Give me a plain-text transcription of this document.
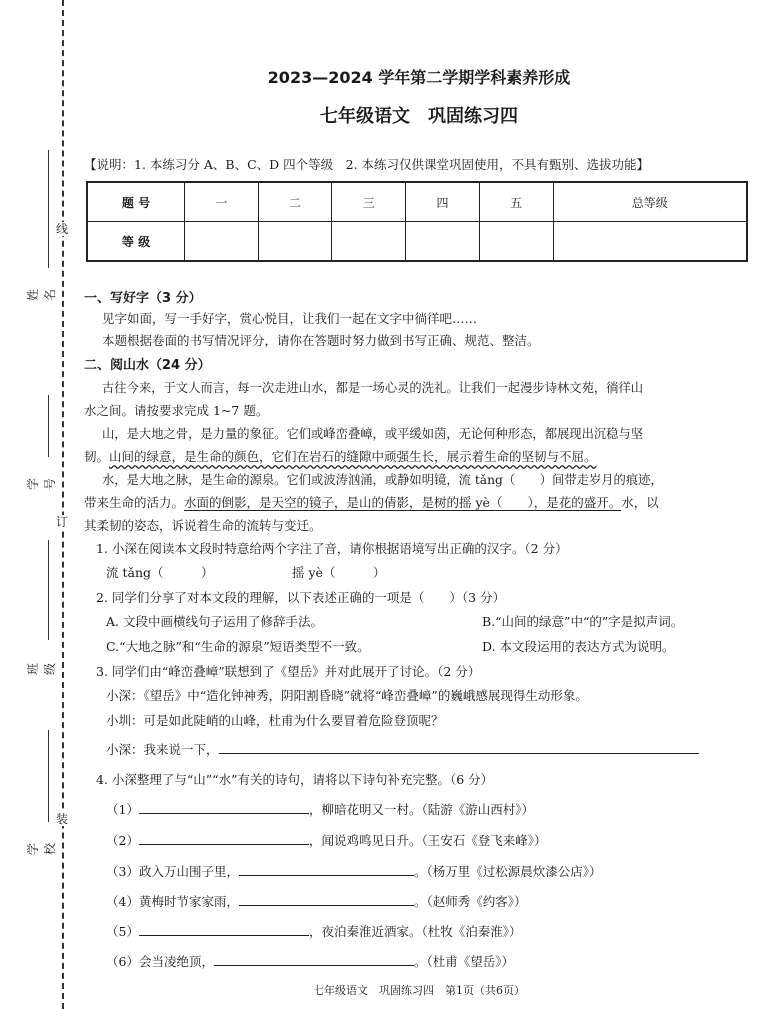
线
订
装
姓名
学号
班级
学校
2023—2024 学年第二学期学科素养形成
七年级语文　巩固练习四
【说明：1. 本练习分 A、B、C、D 四个等级　2. 本练习仅供课堂巩固使用，不具有甄别、选拔功能】
题 号	一	二	三	四	五	总等级
等 级						
一、写好字（3 分）
见字如面，写一手好字，赏心悦目，让我们一起在文字中徜徉吧……
本题根据卷面的书写情况评分，请你在答题时努力做到书写正确、规范、整洁。
二、阅山水（24 分）
古往今来，于文人而言，每一次走进山水，都是一场心灵的洗礼。让我们一起漫步诗林文苑，徜徉山
水之间。请按要求完成 1~7 题。
山，是大地之骨，是力量的象征。它们或峰峦叠嶂，或平缓如茵，无论何种形态，都展现出沉稳与坚
韧。山间的绿意，是生命的颜色，它们在岩石的缝隙中顽强生长，展示着生命的坚韧与不屈。
水，是大地之脉，是生命的源泉。它们或波涛汹涌，或静如明镜，流 tǎng（　　）间带走岁月的痕迹，
带来生命的活力。水面的倒影，是天空的镜子，是山的倩影，是树的摇 yè（　　），是花的盛开。水，以
其柔韧的姿态，诉说着生命的流转与变迁。
1. 小深在阅读本文段时特意给两个字注了音，请你根据语境写出正确的汉字。（2 分）
流 tǎng（　　　）	摇 yè（　　　）
2. 同学们分享了对本文段的理解，以下表述正确的一项是（　　）（3 分）
A. 文段中画横线句子运用了修辞手法。	B.“山间的绿意”中“的”字是拟声词。
C.“大地之脉”和“生命的源泉”短语类型不一致。	D. 本文段运用的表达方式为说明。
3. 同学们由“峰峦叠嶂”联想到了《望岳》并对此展开了讨论。（2 分）
小深：《望岳》中“造化钟神秀，阴阳割昏晓”就将“峰峦叠嶂”的巍峨感展现得生动形象。
小圳：可是如此陡峭的山峰，杜甫为什么要冒着危险登顶呢？
小深：我来说一下，
4. 小深整理了与“山”“水”有关的诗句，请将以下诗句补充完整。（6 分）
（1）	，柳暗花明又一村。（陆游《游山西村》）
（2）	，闻说鸡鸣见日升。（王安石《登飞来峰》）
（3）政入万山围子里，	。（杨万里《过松源晨炊漆公店》）
（4）黄梅时节家家雨，	。（赵师秀《约客》）
（5）	，夜泊秦淮近酒家。（杜牧《泊秦淮》）
（6）会当凌绝顶，	。（杜甫《望岳》）
七年级语文　巩固练习四　第1页（共6页）
